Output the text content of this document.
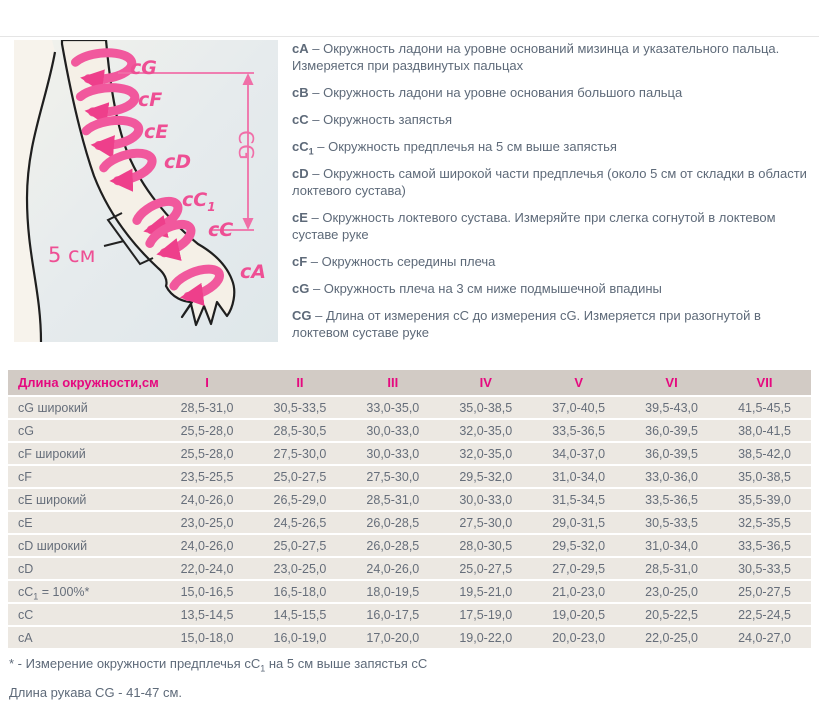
cG
cF
cE
cD
$cC_1$
cC
cA
5 см
CG

cA – Окружность ладони на уровне оснований мизинца и указательного пальца. Измеряется при раздвинутых пальцах

cB – Окружность ладони на уровне основания большого пальца

cC – Окружность запястья

$cC_1$ – Окружность предплечья на 5 см выше запястья

cD – Окружность самой широкой части предплечья (около 5 см от складки в области локтевого сустава)

cE – Окружность локтевого сустава. Измеряйте при слегка согнутой в локтевом суставе руке

cF – Окружность середины плеча

cG – Окружность плеча на 3 см ниже подмышечной впадины

CG – Длина от измерения cC до измерения cG. Измеряется при разогнутой в локтевом суставе руке

Длина окружности,см	I	II	III	IV	V	VI	VII
cG широкий	28,5-31,0	30,5-33,5	33,0-35,0	35,0-38,5	37,0-40,5	39,5-43,0	41,5-45,5
cG	25,5-28,0	28,5-30,5	30,0-33,0	32,0-35,0	33,5-36,5	36,0-39,5	38,0-41,5
cF широкий	25,5-28,0	27,5-30,0	30,0-33,0	32,0-35,0	34,0-37,0	36,0-39,5	38,5-42,0
cF	23,5-25,5	25,0-27,5	27,5-30,0	29,5-32,0	31,0-34,0	33,0-36,0	35,0-38,5
cE широкий	24,0-26,0	26,5-29,0	28,5-31,0	30,0-33,0	31,5-34,5	33,5-36,5	35,5-39,0
cE	23,0-25,0	24,5-26,5	26,0-28,5	27,5-30,0	29,0-31,5	30,5-33,5	32,5-35,5
cD широкий	24,0-26,0	25,0-27,5	26,0-28,5	28,0-30,5	29,5-32,0	31,0-34,0	33,5-36,5
cD	22,0-24,0	23,0-25,0	24,0-26,0	25,0-27,5	27,0-29,5	28,5-31,0	30,5-33,5
$cC_1 = 100\%*$	15,0-16,5	16,5-18,0	18,0-19,5	19,5-21,0	21,0-23,0	23,0-25,0	25,0-27,5
cC	13,5-14,5	14,5-15,5	16,0-17,5	17,5-19,0	19,0-20,5	20,5-22,5	22,5-24,5
cA	15,0-18,0	16,0-19,0	17,0-20,0	19,0-22,0	20,0-23,0	22,0-25,0	24,0-27,0

* - Измерение окружности предплечья $cC_1$ на 5 см выше запястья cC

Длина рукава CG - 41-47 см.
